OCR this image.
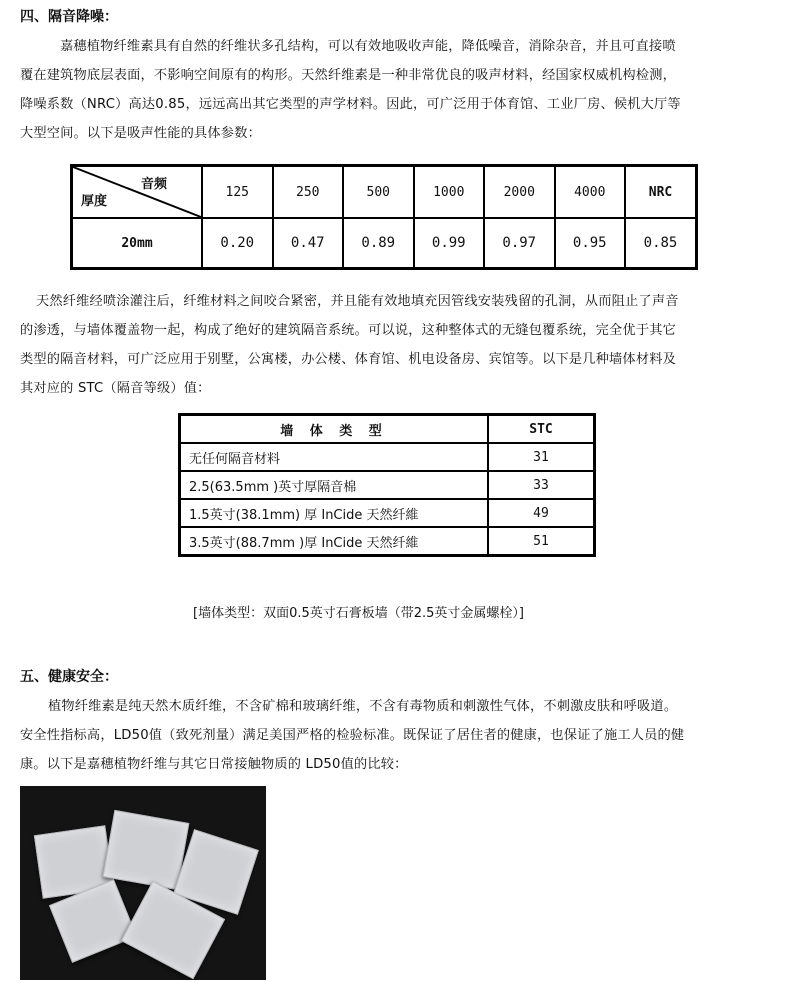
四、隔音降噪：
嘉穗植物纤维素具有自然的纤维状多孔结构，可以有效地吸收声能，降低噪音，消除杂音，并且可直接喷
覆在建筑物底层表面，不影响空间原有的构形。天然纤维素是一种非常优良的吸声材料，经国家权威机构检测，
降噪系数（NRC）高达0.85，远远高出其它类型的声学材料。因此，可广泛用于体育馆、工业厂房、候机大厅等
大型空间。以下是吸声性能的具体参数：
音频
厚度	125	250	500	1000	2000	4000	NRC
20mm	0.20	0.47	0.89	0.99	0.97	0.95	0.85
天然纤维经喷涂灌注后，纤维材料之间咬合紧密，并且能有效地填充因管线安装残留的孔洞，从而阻止了声音
的渗透，与墙体覆盖物一起，构成了绝好的建筑隔音系统。可以说，这种整体式的无缝包覆系统，完全优于其它
类型的隔音材料，可广泛应用于别墅，公寓楼，办公楼、体育馆、机电设备房、宾馆等。以下是几种墙体材料及
其对应的 STC（隔音等级）值：
墙 体 类 型	STC
无任何隔音材料	31
2.5(63.5mm )英寸厚隔音棉	33
1.5英寸(38.1mm) 厚 InCide 天然纤維	49
3.5英寸(88.7mm )厚 InCide 天然纤維	51
[墙体类型：双面0.5英寸石膏板墙（带2.5英寸金属螺栓）]
五、健康安全：
植物纤维素是纯天然木质纤维，不含矿棉和玻璃纤维，不含有毒物质和刺激性气体，不刺激皮肤和呼吸道。
安全性指标高，LD50值（致死剂量）满足美国严格的检验标准。既保证了居住者的健康，也保证了施工人员的健
康。以下是嘉穗植物纤维与其它日常接触物质的 LD50值的比较：
